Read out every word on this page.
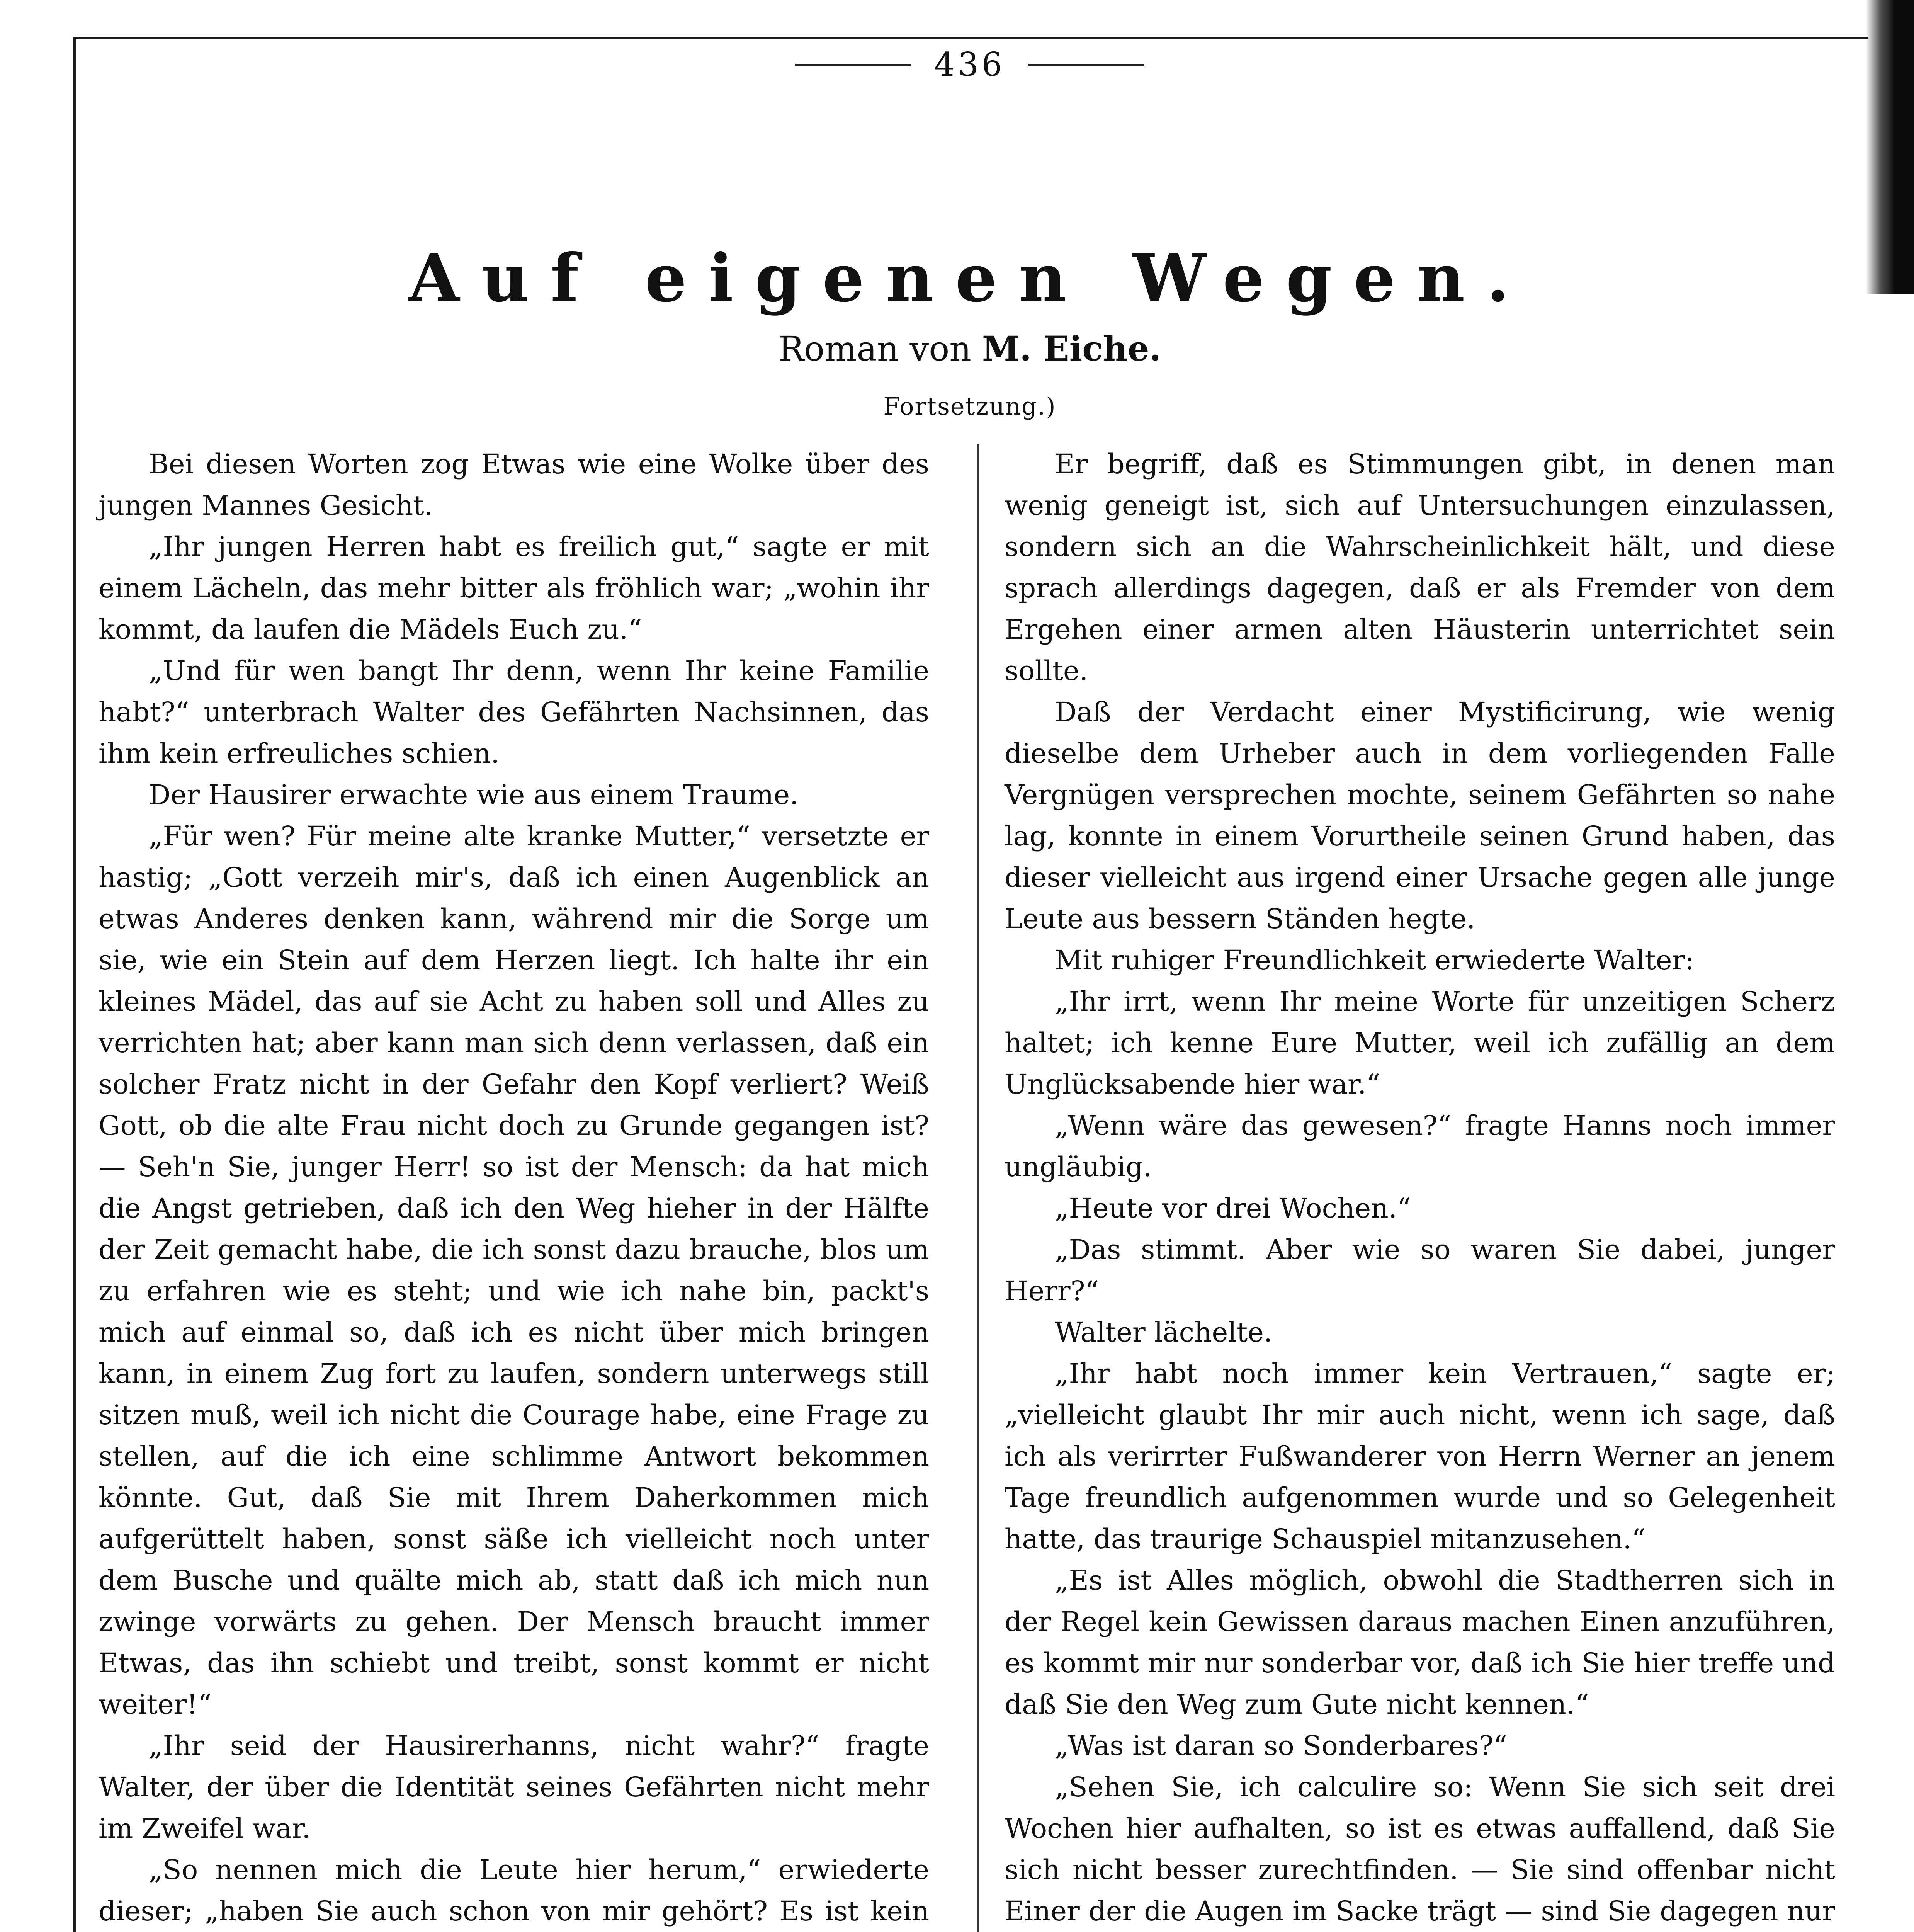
436
Auf eigenen Wegen.
Roman von M. Eiche.
Fortsetzung.)

Bei diesen Worten zog Etwas wie eine Wolke über des jungen Mannes Gesicht.

„Ihr jungen Herren habt es freilich gut,“ sagte er mit einem Lächeln, das mehr bitter als fröhlich war; „wohin ihr kommt, da laufen die Mädels Euch zu.“

„Und für wen bangt Ihr denn, wenn Ihr keine Familie habt?“ unterbrach Walter des Gefährten Nachsinnen, das ihm kein erfreuliches schien.

Der Hausirer erwachte wie aus einem Traume.

„Für wen? Für meine alte kranke Mutter,“ versetzte er hastig; „Gott verzeih mir's, daß ich einen Augenblick an etwas Anderes denken kann, während mir die Sorge um sie, wie ein Stein auf dem Herzen liegt. Ich halte ihr ein kleines Mädel, das auf sie Acht zu haben soll und Alles zu verrichten hat; aber kann man sich denn verlassen, daß ein solcher Fratz nicht in der Gefahr den Kopf verliert? Weiß Gott, ob die alte Frau nicht doch zu Grunde gegangen ist? — Seh'n Sie, junger Herr! so ist der Mensch: da hat mich die Angst getrieben, daß ich den Weg hieher in der Hälfte der Zeit gemacht habe, die ich sonst dazu brauche, blos um zu erfahren wie es steht; und wie ich nahe bin, packt's mich auf einmal so, daß ich es nicht über mich bringen kann, in einem Zug fort zu laufen, sondern unterwegs still sitzen muß, weil ich nicht die Courage habe, eine Frage zu stellen, auf die ich eine schlimme Antwort bekommen könnte. Gut, daß Sie mit Ihrem Daherkommen mich aufgerüttelt haben, sonst säße ich vielleicht noch unter dem Busche und quälte mich ab, statt daß ich mich nun zwinge vorwärts zu gehen. Der Mensch braucht immer Etwas, das ihn schiebt und treibt, sonst kommt er nicht weiter!“

„Ihr seid der Hausirerhanns, nicht wahr?“ fragte Walter, der über die Identität seines Gefährten nicht mehr im Zweifel war.

„So nennen mich die Leute hier herum,“ erwiederte dieser; „haben Sie auch schon von mir gehört? Es ist kein

Er begriff, daß es Stimmungen gibt, in denen man wenig geneigt ist, sich auf Untersuchungen einzulassen, sondern sich an die Wahrscheinlichkeit hält, und diese sprach allerdings dagegen, daß er als Fremder von dem Ergehen einer armen alten Häusterin unterrichtet sein sollte.

Daß der Verdacht einer Mystificirung, wie wenig dieselbe dem Urheber auch in dem vorliegenden Falle Vergnügen versprechen mochte, seinem Gefährten so nahe lag, konnte in einem Vorurtheile seinen Grund haben, das dieser vielleicht aus irgend einer Ursache gegen alle junge Leute aus bessern Ständen hegte.

Mit ruhiger Freundlichkeit erwiederte Walter:

„Ihr irrt, wenn Ihr meine Worte für unzeitigen Scherz haltet; ich kenne Eure Mutter, weil ich zufällig an dem Unglücksabende hier war.“

„Wenn wäre das gewesen?“ fragte Hanns noch immer ungläubig.

„Heute vor drei Wochen.“

„Das stimmt. Aber wie so waren Sie dabei, junger Herr?“

Walter lächelte.

„Ihr habt noch immer kein Vertrauen,“ sagte er; „vielleicht glaubt Ihr mir auch nicht, wenn ich sage, daß ich als verirrter Fußwanderer von Herrn Werner an jenem Tage freundlich aufgenommen wurde und so Gelegenheit hatte, das traurige Schauspiel mitanzusehen.“

„Es ist Alles möglich, obwohl die Stadtherren sich in der Regel kein Gewissen daraus machen Einen anzuführen, es kommt mir nur sonderbar vor, daß ich Sie hier treffe und daß Sie den Weg zum Gute nicht kennen.“

„Was ist daran so Sonderbares?“

„Sehen Sie, ich calculire so: Wenn Sie sich seit drei Wochen hier aufhalten, so ist es etwas auffallend, daß Sie sich nicht besser zurechtfinden. — Sie sind offenbar nicht Einer der die Augen im Sacke trägt — sind Sie dagegen nur
